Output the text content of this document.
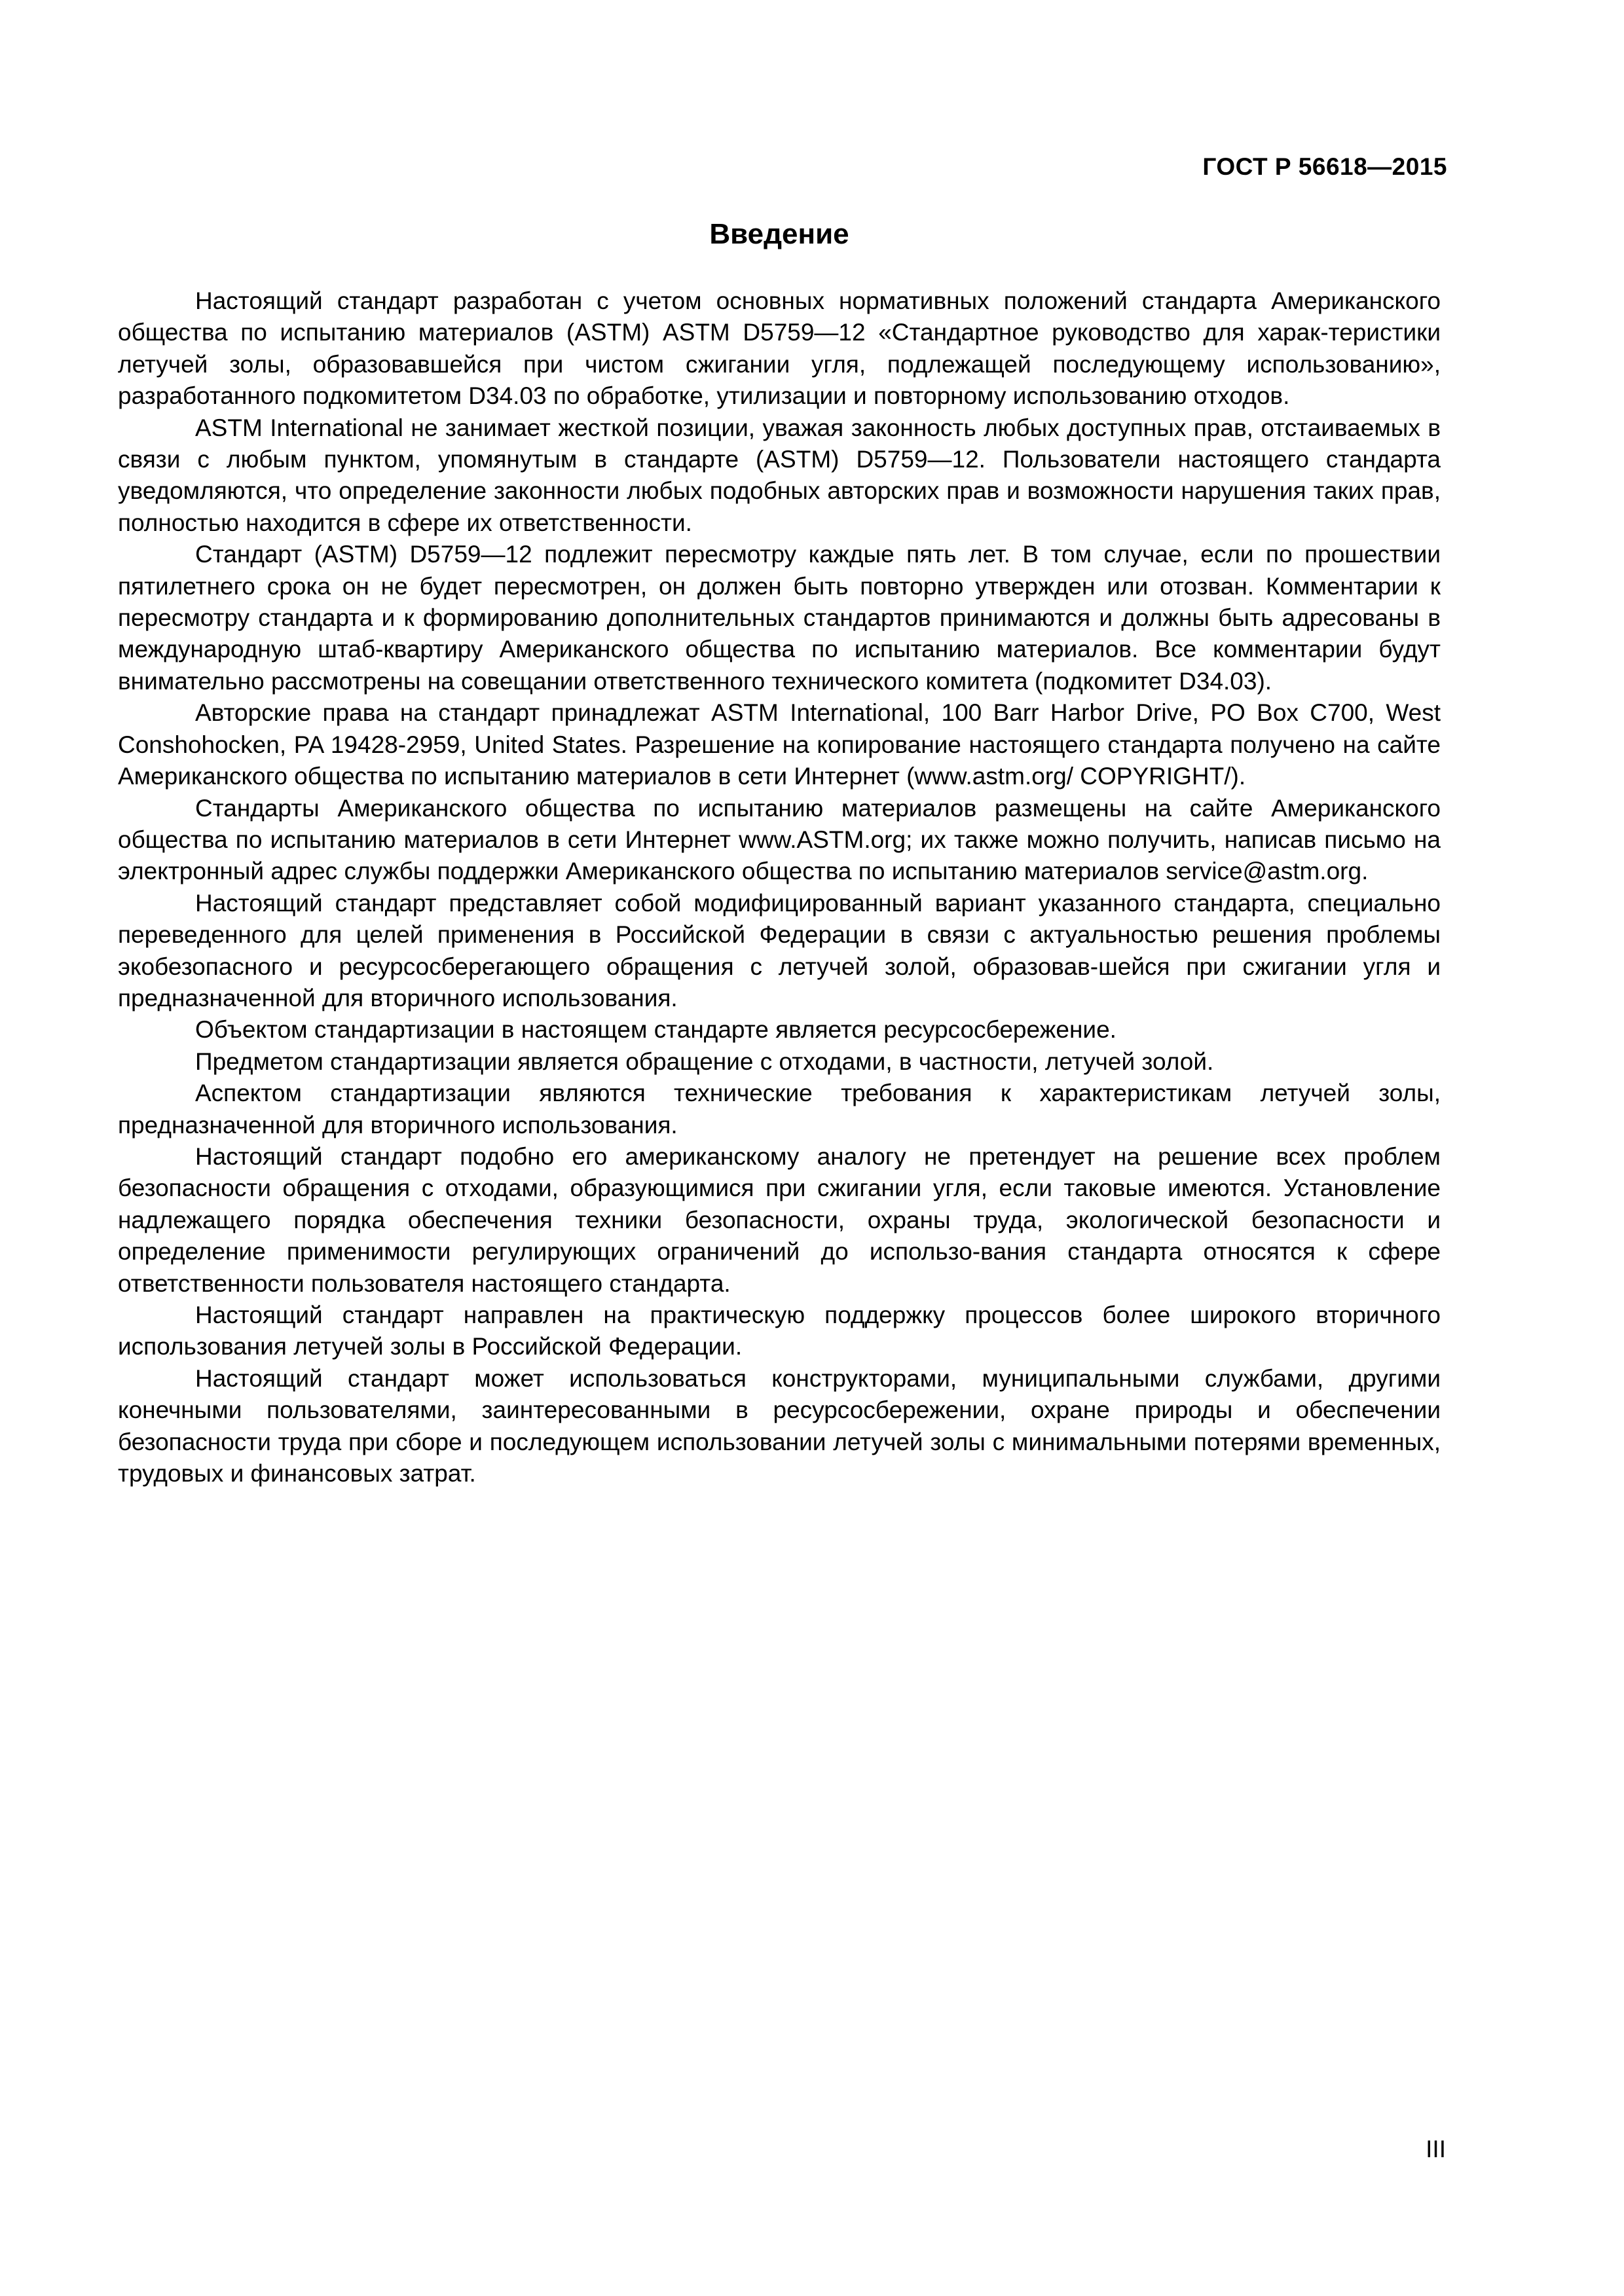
ГОСТ Р 56618—2015
Введение

Настоящий стандарт разработан с учетом основных нормативных положений стандарта Американского общества по испытанию материалов (ASTM) ASTM D5759—12 «Стандартное руководство для харак-теристики летучей золы, образовавшейся при чистом сжигании угля, подлежащей последующему использованию», разработанного подкомитетом D34.03 по обработке, утилизации и повторному использованию отходов.

ASTM International не занимает жесткой позиции, уважая законность любых доступных прав, отстаиваемых в связи с любым пунктом, упомянутым в стандарте (ASTM) D5759—12. Пользователи настоящего стандарта уведомляются, что определение законности любых подобных авторских прав и возможности нарушения таких прав, полностью находится в сфере их ответственности.

Стандарт (ASTM) D5759—12 подлежит пересмотру каждые пять лет. В том случае, если по прошествии пятилетнего срока он не будет пересмотрен, он должен быть повторно утвержден или отозван. Комментарии к пересмотру стандарта и к формированию дополнительных стандартов принимаются и должны быть адресованы в международную штаб-квартиру Американского общества по испытанию материалов. Все комментарии будут внимательно рассмотрены на совещании ответственного технического комитета (подкомитет D34.03).

Авторские права на стандарт принадлежат ASTM International, 100 Barr Harbor Drive, PO Box C700, West Conshohocken, PA 19428-2959, United States. Разрешение на копирование настоящего стандарта получено на сайте Американского общества по испытанию материалов в сети Интернет (www.astm.org/ COPYRIGHT/).

Стандарты Американского общества по испытанию материалов размещены на сайте Американского общества по испытанию материалов в сети Интернет www.ASTM.org; их также можно получить, написав письмо на электронный адрес службы поддержки Американского общества по испытанию материалов service@astm.org.

Настоящий стандарт представляет собой модифицированный вариант указанного стандарта, специально переведенного для целей применения в Российской Федерации в связи с актуальностью решения проблемы экобезопасного и ресурсосберегающего обращения с летучей золой, образовав-шейся при сжигании угля и предназначенной для вторичного использования.

Объектом стандартизации в настоящем стандарте является ресурсосбережение.

Предметом стандартизации является обращение с отходами, в частности, летучей золой.

Аспектом стандартизации являются технические требования к характеристикам летучей золы, предназначенной для вторичного использования.

Настоящий стандарт подобно его американскому аналогу не претендует на решение всех проблем безопасности обращения с отходами, образующимися при сжигании угля, если таковые имеются. Установление надлежащего порядка обеспечения техники безопасности, охраны труда, экологической безопасности и определение применимости регулирующих ограничений до использо-вания стандарта относятся к сфере ответственности пользователя настоящего стандарта.

Настоящий стандарт направлен на практическую поддержку процессов более широкого вторичного использования летучей золы в Российской Федерации.

Настоящий стандарт может использоваться конструкторами, муниципальными службами, другими конечными пользователями, заинтересованными в ресурсосбережении, охране природы и обеспечении безопасности труда при сборе и последующем использовании летучей золы с минимальными потерями временных, трудовых и финансовых затрат.

III
